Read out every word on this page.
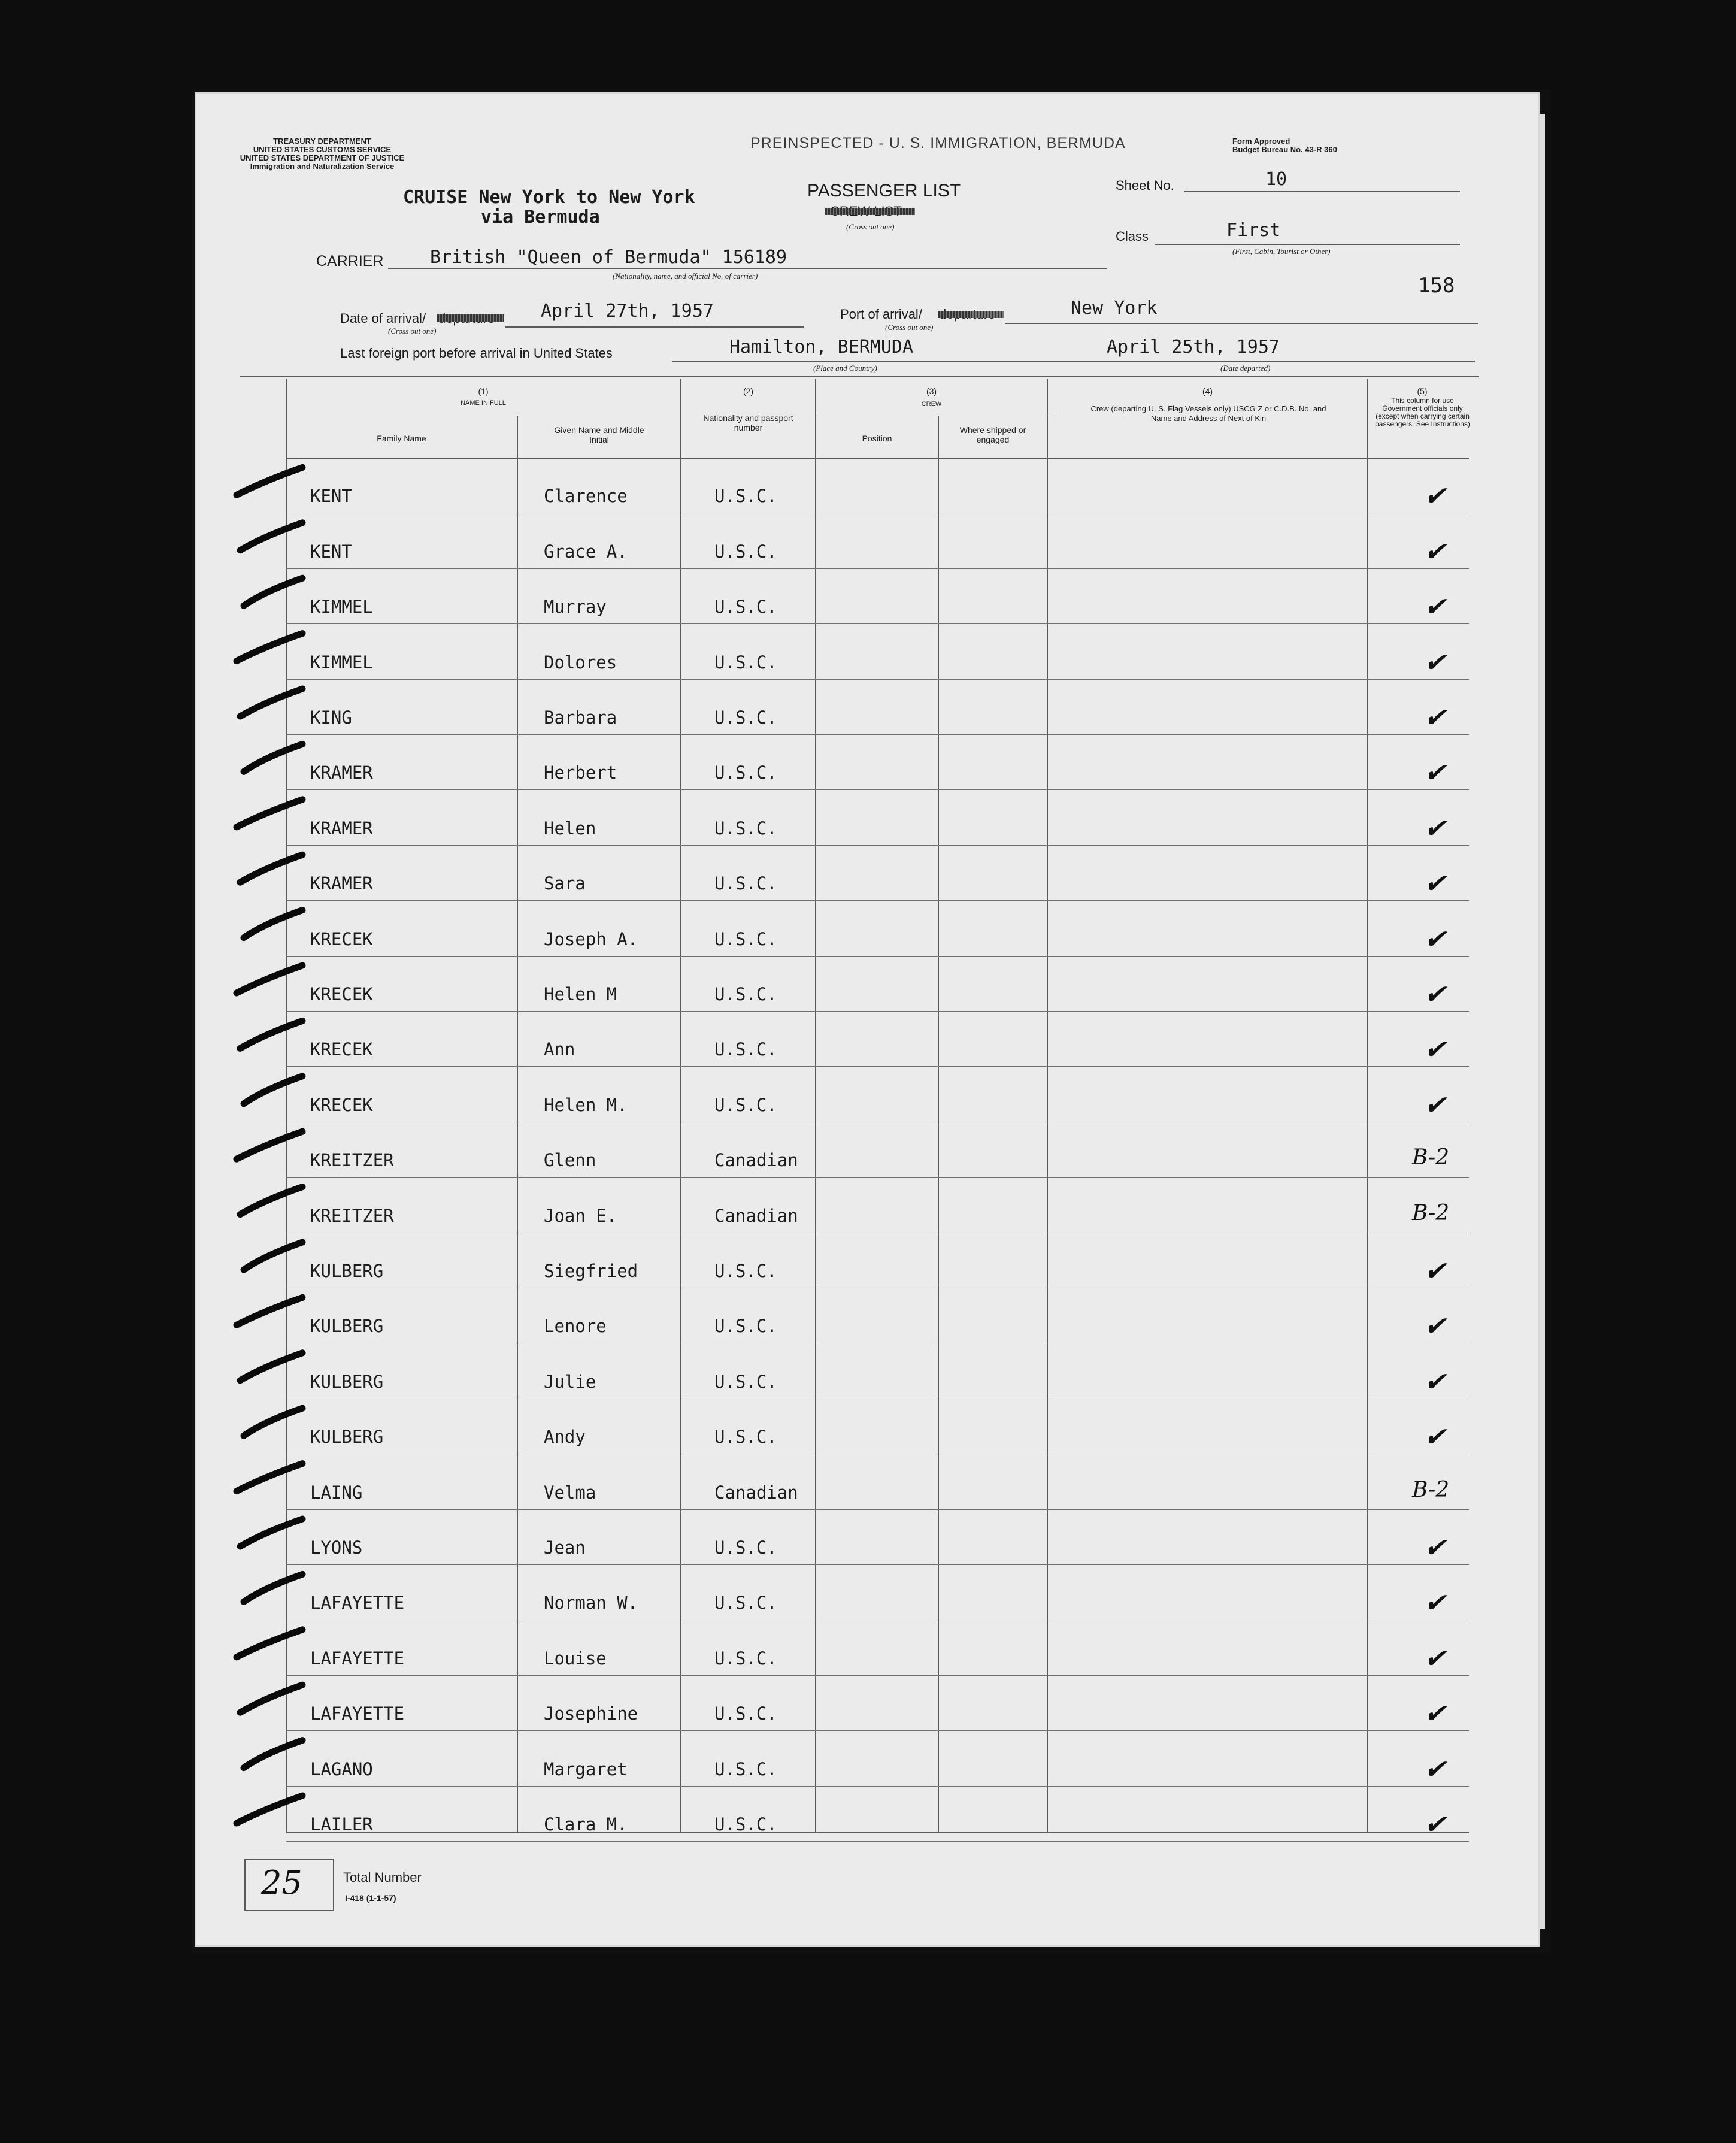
TREASURY DEPARTMENT
UNITED STATES CUSTOMS SERVICE
UNITED STATES DEPARTMENT OF JUSTICE
Immigration and Naturalization Service
PREINSPECTED - U. S. IMMIGRATION, BERMUDA	Form Approved
Budget Bureau No. 43-R 360
CRUISE New York to New York
via Bermuda
PASSENGER LIST
(Cross out one)
Sheet No.	10
Class	First
(First, Cabin, Tourist or Other)
158
CARRIER	British "Queen of Bermuda" 156189
(Nationality, name, and official No. of carrier)
Date of arrival/
(Cross out one)
April 27th, 1957	Port of arrival/
(Cross out one)
New York
Last foreign port before arrival in United States	Hamilton, BERMUDA
(Place and Country)
April 25th, 1957
(Date departed)
(1)
NAME IN FULL
Family Name
Given Name and Middle Initial
(2)
Nationality and passport number
(3)
CREW
Position
Where shipped or engaged
(4)
Crew (departing U. S. Flag Vessels only) USCG Z or C.D.B. No. and Name and Address of Next of Kin
(5)
This column for use Government officials only (except when carrying certain passengers. See Instructions)
KENT	Clarence	U.S.C.	✔
KENT	Grace A.	U.S.C.	✔
KIMMEL	Murray	U.S.C.	✔
KIMMEL	Dolores	U.S.C.	✔
KING	Barbara	U.S.C.	✔
KRAMER	Herbert	U.S.C.	✔
KRAMER	Helen	U.S.C.	✔
KRAMER	Sara	U.S.C.	✔
KRECEK	Joseph A.	U.S.C.	✔
KRECEK	Helen M	U.S.C.	✔
KRECEK	Ann	U.S.C.	✔
KRECEK	Helen M.	U.S.C.	✔
KREITZER	Glenn	Canadian	B-2
KREITZER	Joan E.	Canadian	B-2
KULBERG	Siegfried	U.S.C.	✔
KULBERG	Lenore	U.S.C.	✔
KULBERG	Julie	U.S.C.	✔
KULBERG	Andy	U.S.C.	✔
LAING	Velma	Canadian	B-2
LYONS	Jean	U.S.C.	✔
LAFAYETTE	Norman W.	U.S.C.	✔
LAFAYETTE	Louise	U.S.C.	✔
LAFAYETTE	Josephine	U.S.C.	✔
LAGANO	Margaret	U.S.C.	✔
LAILER	Clara M.	U.S.C.	✔
25	Total Number
I-418 (1-1-57)
